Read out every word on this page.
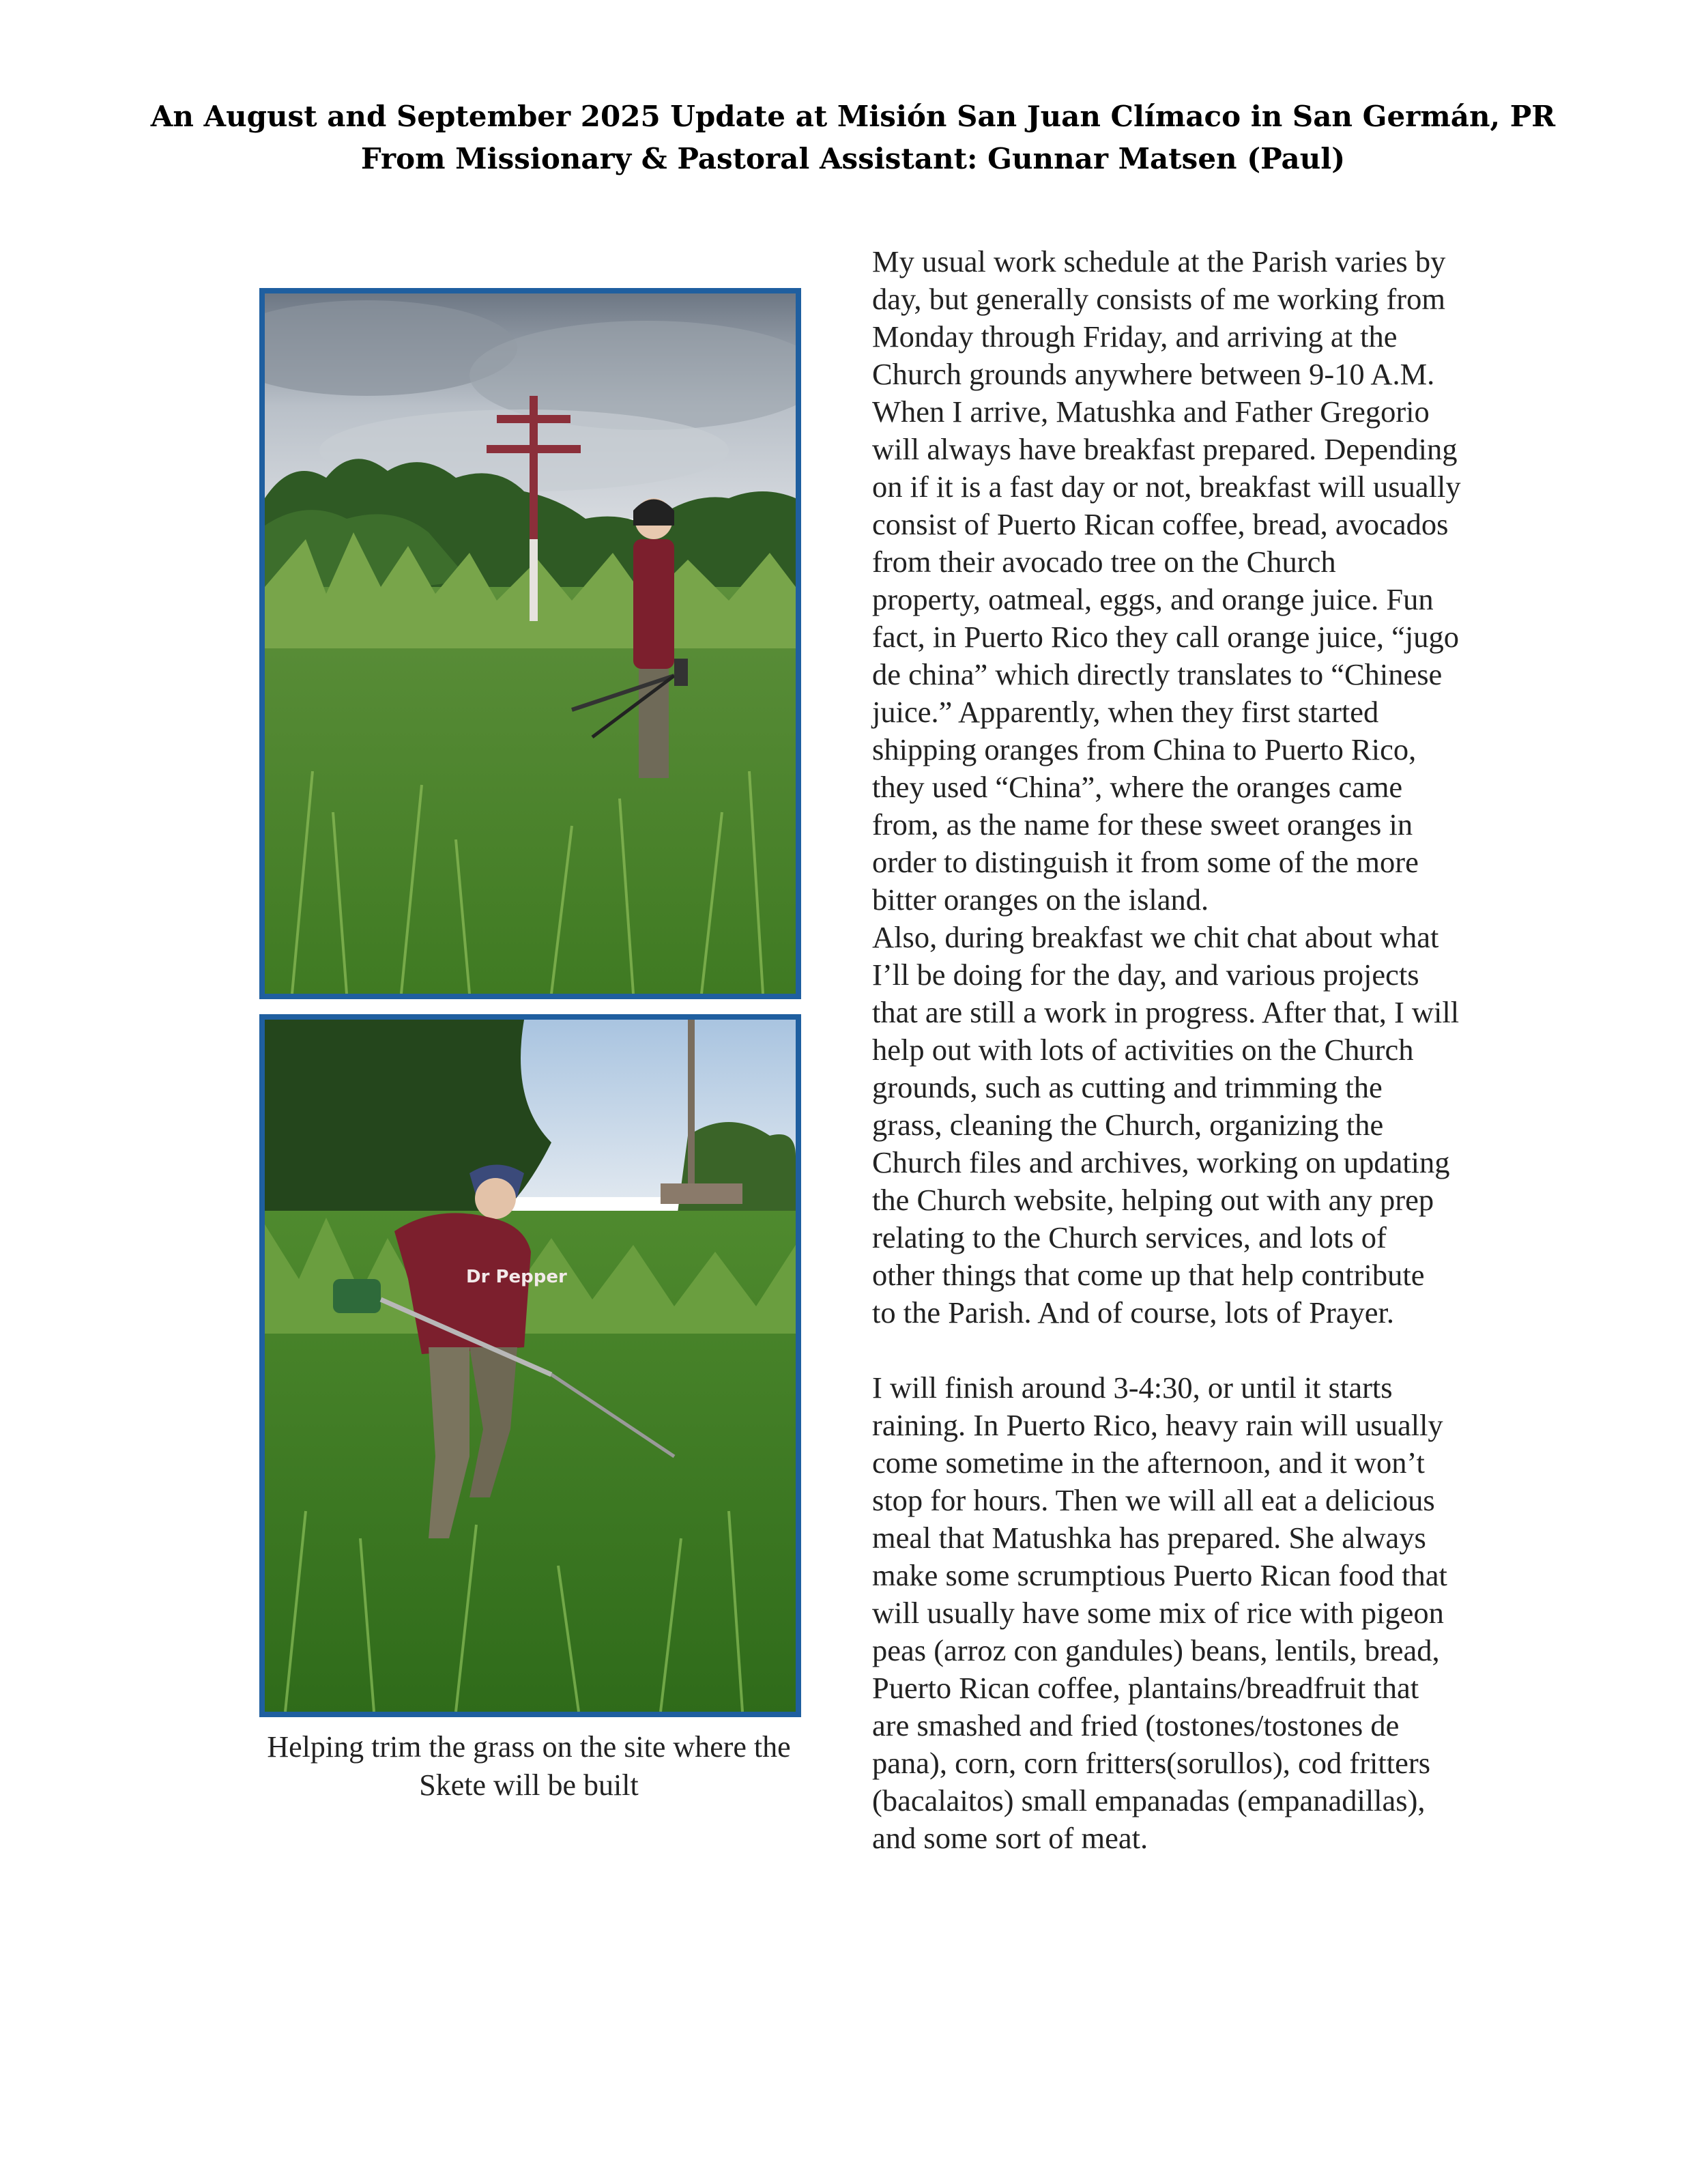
An August and September 2025 Update at Misión San Juan Clímaco in San Germán, PR
From Missionary & Pastoral Assistant: Gunnar Matsen (Paul)
Dr Pepper
Helping trim the grass on the site where the
Skete will be built

My usual work schedule at the Parish varies by
day, but generally consists of me working from
Monday through Friday, and arriving at the
Church grounds anywhere between 9-10 A.M.
When I arrive, Matushka and Father Gregorio
will always have breakfast prepared. Depending
on if it is a fast day or not, breakfast will usually
consist of Puerto Rican coffee, bread, avocados
from their avocado tree on the Church
property, oatmeal, eggs, and orange juice. Fun
fact, in Puerto Rico they call orange juice, “jugo
de china” which directly translates to “Chinese
juice.” Apparently, when they first started
shipping oranges from China to Puerto Rico,
they used “China”, where the oranges came
from, as the name for these sweet oranges in
order to distinguish it from some of the more
bitter oranges on the island.

Also, during breakfast we chit chat about what
I’ll be doing for the day, and various projects
that are still a work in progress. After that, I will
help out with lots of activities on the Church
grounds, such as cutting and trimming the
grass, cleaning the Church, organizing the
Church files and archives, working on updating
the Church website, helping out with any prep
relating to the Church services, and lots of
other things that come up that help contribute
to the Parish. And of course, lots of Prayer.

I will finish around 3-4:30, or until it starts
raining. In Puerto Rico, heavy rain will usually
come sometime in the afternoon, and it won’t
stop for hours. Then we will all eat a delicious
meal that Matushka has prepared. She always
make some scrumptious Puerto Rican food that
will usually have some mix of rice with pigeon
peas (arroz con gandules) beans, lentils, bread,
Puerto Rican coffee, plantains/breadfruit that
are smashed and fried (tostones/tostones de
pana), corn, corn fritters(sorullos), cod fritters
(bacalaitos) small empanadas (empanadillas),
and some sort of meat.
